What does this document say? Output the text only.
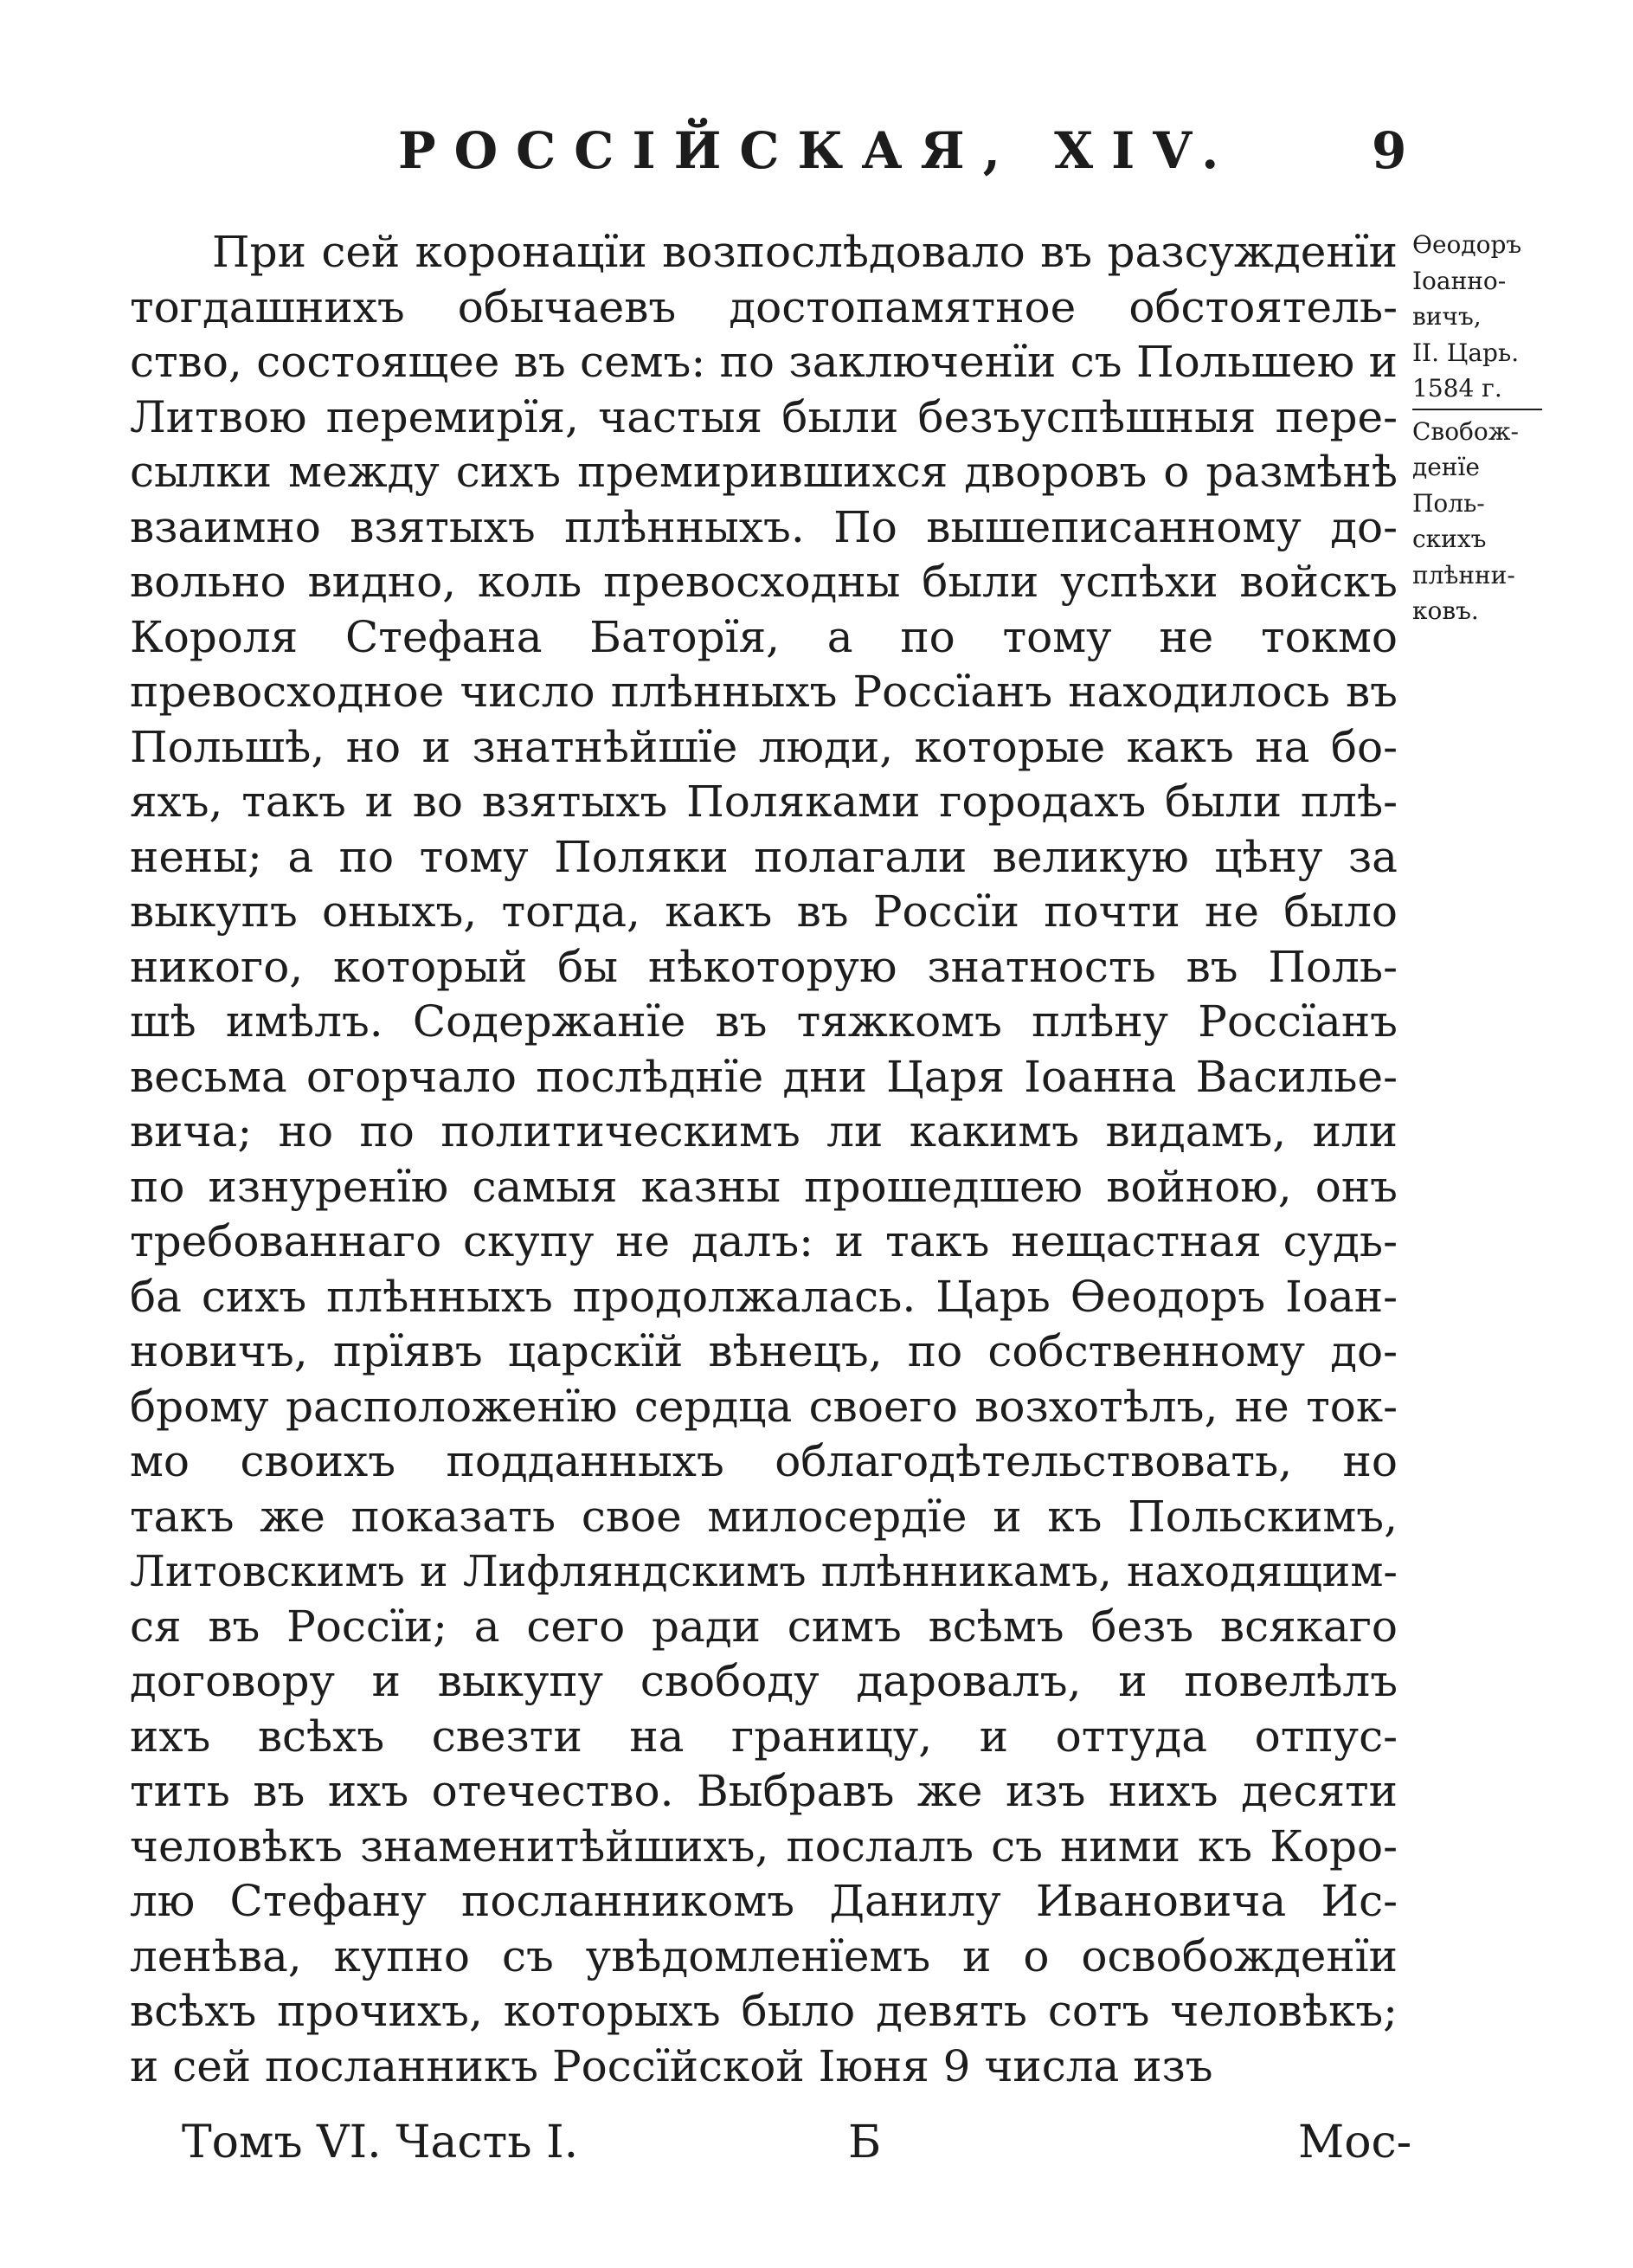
РОССІЙСКАЯ, XIV.	9
При сей коронацїи возпослѣдовало въ разсужденїи
тогдашнихъ обычаевъ достопамятное обстоятель-
ство, состоящее въ семъ: по заключенїи съ Польшею и
Литвою перемирїя, частыя были безъуспѣшныя пере-
сылки между сихъ премирившихся дворовъ о размѣнѣ
взаимно взятыхъ плѣнныхъ. По вышеписанному до-
вольно видно, коль превосходны были успѣхи войскъ
Короля Стефана Баторїя, а по тому не токмо
превосходное число плѣнныхъ Россїанъ находилось въ
Польшѣ, но и знатнѣйшїе люди, которые какъ на бо-
яхъ, такъ и во взятыхъ Поляками городахъ были плѣ-
нены; а по тому Поляки полагали великую цѣну за
выкупъ оныхъ, тогда, какъ въ Россїи почти не было
никого, который бы нѣкоторую знатность въ Поль-
шѣ имѣлъ. Содержанїе въ тяжкомъ плѣну Россїанъ
весьма огорчало послѣднїе дни Царя Іоанна Василье-
вича; но по политическимъ ли какимъ видамъ, или
по изнуренїю самыя казны прошедшею войною, онъ
требованнаго скупу не далъ: и такъ нещастная судь-
ба сихъ плѣнныхъ продолжалась. Царь Ѳеодоръ Іоан-
новичъ, прїявъ царскїй вѣнецъ, по собственному до-
брому расположенїю сердца своего возхотѣлъ, не ток-
мо своихъ подданныхъ облагодѣтельствовать, но
такъ же показать свое милосердїе и къ Польскимъ,
Литовскимъ и Лифляндскимъ плѣнникамъ, находящим-
ся въ Россїи; а сего ради симъ всѣмъ безъ всякаго
договору и выкупу свободу даровалъ, и повелѣлъ
ихъ всѣхъ свезти на границу, и оттуда отпус-
тить въ ихъ отечество. Выбравъ же изъ нихъ десяти
человѣкъ знаменитѣйшихъ, послалъ съ ними къ Коро-
лю Стефану посланникомъ Данилу Ивановича Ис-
ленѣва, купно съ увѣдомленїемъ и о освобожденїи
всѣхъ прочихъ, которыхъ было девять сотъ человѣкъ;
и сей посланникъ Россїйской Іюня 9 числа изъ
Ѳеодоръ
Іоанно-
вичъ,
II. Царь.
1584 г.
Свобож-
денїе
Поль-
скихъ
плѣнни-
ковъ.
Томъ VI. Часть I.	Б	Мос-
